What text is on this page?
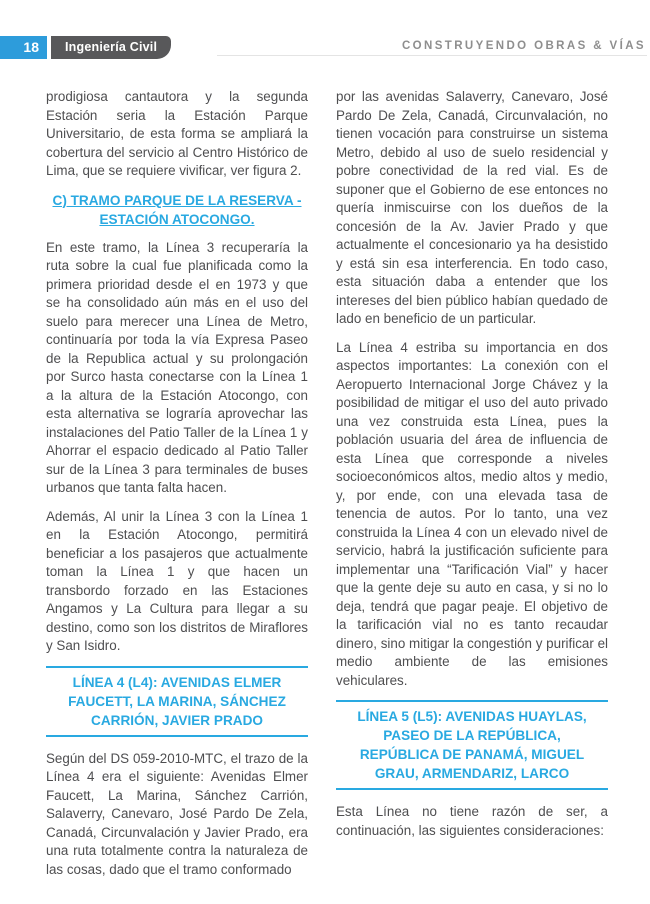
18	Ingeniería Civil	CONSTRUYENDO OBRAS & VÍAS

prodigiosa cantautora y la segunda Estación seria la Estación Parque Universitario, de esta forma se ampliará la cobertura del servicio al Centro Histórico de Lima, que se requiere vivificar, ver figura 2.

C) TRAMO PARQUE DE LA RESERVA - ESTACIÓN ATOCONGO.

En este tramo, la Línea 3 recuperaría la ruta sobre la cual fue planificada como la primera prioridad desde el en 1973 y que se ha consolidado aún más en el uso del suelo para merecer una Línea de Metro, continuaría por toda la vía Expresa Paseo de la Republica actual y su prolongación por Surco hasta conectarse con la Línea 1 a la altura de la Estación Atocongo, con esta alternativa se lograría aprovechar las instalaciones del Patio Taller de la Línea 1 y Ahorrar el espacio dedicado al Patio Taller sur de la Línea 3 para terminales de buses urbanos que tanta falta hacen.

Además, Al unir la Línea 3 con la Línea 1 en la Estación Atocongo, permitirá beneficiar a los pasajeros que actualmente toman la Línea 1 y que hacen un transbordo forzado en las Estaciones Angamos y La Cultura para llegar a su destino, como son los distritos de Miraflores y San Isidro.

LÍNEA 4 (L4): AVENIDAS ELMER FAUCETT, LA MARINA, SÁNCHEZ CARRIÓN, JAVIER PRADO

Según del DS 059-2010-MTC, el trazo de la Línea 4 era el siguiente: Avenidas Elmer Faucett, La Marina, Sánchez Carrión, Salaverry, Canevaro, José Pardo De Zela, Canadá, Circunvalación y Javier Prado, era una ruta totalmente contra la naturaleza de las cosas, dado que el tramo conformado

por las avenidas Salaverry, Canevaro, José Pardo De Zela, Canadá, Circunvalación, no tienen vocación para construirse un sistema Metro, debido al uso de suelo residencial y pobre conectividad de la red vial. Es de suponer que el Gobierno de ese entonces no quería inmiscuirse con los dueños de la concesión de la Av. Javier Prado y que actualmente el concesionario ya ha desistido y está sin esa interferencia. En todo caso, esta situación daba a entender que los intereses del bien público habían quedado de lado en beneficio de un particular.

La Línea 4 estriba su importancia en dos aspectos importantes: La conexión con el Aeropuerto Internacional Jorge Chávez y la posibilidad de mitigar el uso del auto privado una vez construida esta Línea, pues la población usuaria del área de influencia de esta Línea que corresponde a niveles socioeconómicos altos, medio altos y medio, y, por ende, con una elevada tasa de tenencia de autos. Por lo tanto, una vez construida la Línea 4 con un elevado nivel de servicio, habrá la justificación suficiente para implementar una “Tarificación Vial” y hacer que la gente deje su auto en casa, y si no lo deja, tendrá que pagar peaje. El objetivo de la tarificación vial no es tanto recaudar dinero, sino mitigar la congestión y purificar el medio ambiente de las emisiones vehiculares.

LÍNEA 5 (L5): AVENIDAS HUAYLAS, PASEO DE LA REPÚBLICA, REPÚBLICA DE PANAMÁ, MIGUEL GRAU, ARMENDARIZ, LARCO

Esta Línea no tiene razón de ser, a continuación, las siguientes consideraciones:
